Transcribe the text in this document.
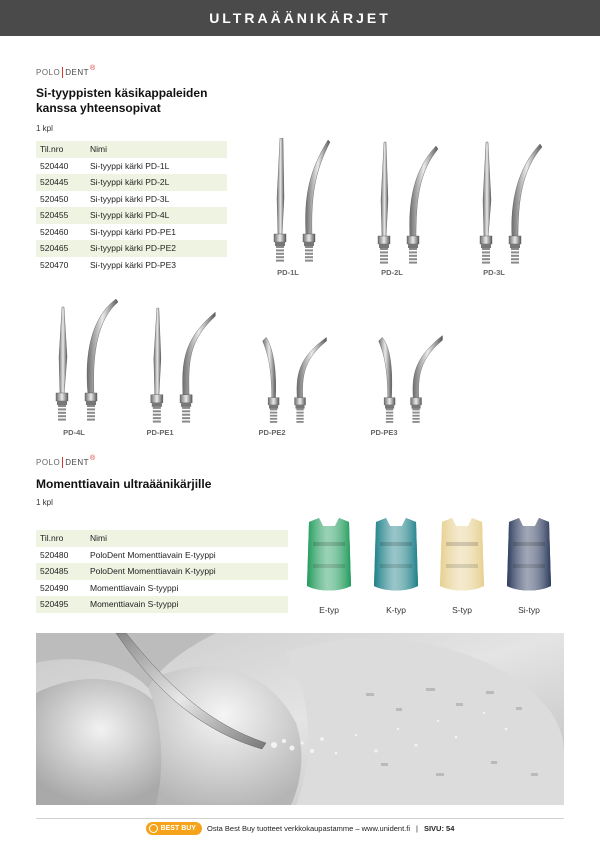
ULTRAÄÄNIKÄRJET
POLO DENT ®
Si-tyyppisten käsikappaleiden
kanssa yhteensopivat
1 kpl
Til.nro	Nimi
520440	Si-tyyppi kärki PD-1L
520445	Si-tyyppi kärki PD-2L
520450	Si-tyyppi kärki PD-3L
520455	Si-tyyppi kärki PD-4L
520460	Si-tyyppi kärki PD-PE1
520465	Si-tyyppi kärki PD-PE2
520470	Si-tyyppi kärki PD-PE3
PD-1L	PD-2L	PD-3L
PD-4L	PD-PE1	PD-PE2	PD-PE3
POLO DENT ®
Momenttiavain ultraäänikärjille
1 kpl
Til.nro	Nimi
520480	PoloDent Momenttiavain E-tyyppi
520485	PoloDent Momenttiavain K-tyyppi
520490	Momenttiavain S-tyyppi
520495	Momenttiavain S-tyyppi
E-typ	K-typ	S-typ	Si-typ
BEST BUY Osta Best Buy tuotteet verkkokaupastamme – www.unident.fi | SIVU: 54
